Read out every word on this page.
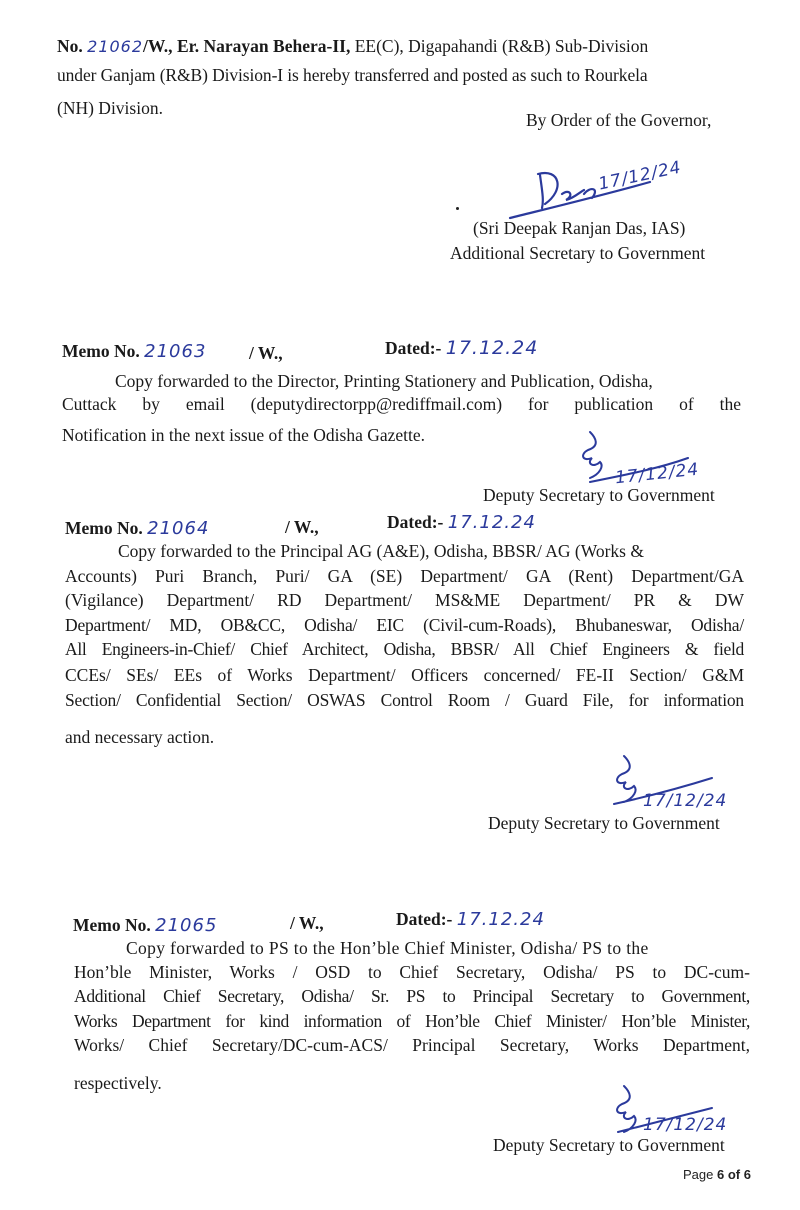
No. 21062/W., Er. Narayan Behera-II, EE(C), Digapahandi (R&B) Sub-Division
under Ganjam (R&B) Division-I is hereby transferred and posted as such to Rourkela
(NH) Division.
By Order of the Governor,
17/12/24
(Sri Deepak Ranjan Das, IAS)
Additional Secretary to Government
Memo No. 21063 / W.,	Dated:- 17.12.24
Copy forwarded to the Director, Printing Stationery and Publication, Odisha,
Cuttack by email (deputydirectorpp@rediffmail.com) for publication of the
Notification in the next issue of the Odisha Gazette.
17/12/24
Deputy Secretary to Government
Memo No. 21064	/ W.,	Dated:- 17.12.24
Copy forwarded to the Principal AG (A&E), Odisha, BBSR/ AG (Works &
Accounts) Puri Branch, Puri/ GA (SE) Department/ GA (Rent) Department/GA
(Vigilance) Department/ RD Department/ MS&ME Department/ PR & DW
Department/ MD, OB&CC, Odisha/ EIC (Civil-cum-Roads), Bhubaneswar, Odisha/
All Engineers-in-Chief/ Chief Architect, Odisha, BBSR/ All Chief Engineers & field
CCEs/ SEs/ EEs of Works Department/ Officers concerned/ FE-II Section/ G&M
Section/ Confidential Section/ OSWAS Control Room / Guard File, for information
and necessary action.
17/12/24
Deputy Secretary to Government
Memo No. 21065	/ W.,	Dated:- 17.12.24
Copy forwarded to PS to the Hon’ble Chief Minister, Odisha/ PS to the
Hon’ble Minister, Works / OSD to Chief Secretary, Odisha/ PS to DC-cum-
Additional Chief Secretary, Odisha/ Sr. PS to Principal Secretary to Government,
Works Department for kind information of Hon’ble Chief Minister/ Hon’ble Minister,
Works/ Chief Secretary/DC-cum-ACS/ Principal Secretary, Works Department,
respectively.
17/12/24
Deputy Secretary to Government
Page 6 of 6
